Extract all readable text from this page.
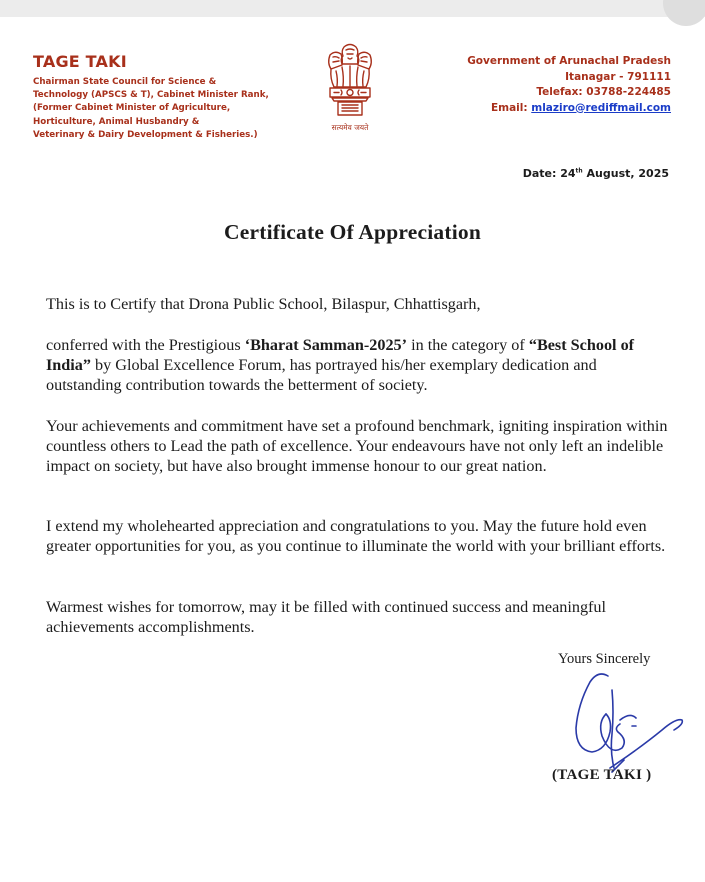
TAGE TAKI
Chairman State Council for Science &
Technology (APSCS & T), Cabinet Minister Rank,
(Former Cabinet Minister of Agriculture,
Horticulture, Animal Husbandry &
Veterinary & Dairy Development & Fisheries.)
सत्यमेव जयते
Government of Arunachal Pradesh
Itanagar - 791111
Telefax: 03788-224485
Email: mlaziro@rediffmail.com
Date: 24th August, 2025
Certificate Of Appreciation

This is to Certify that Drona Public School, Bilaspur, Chhattisgarh,

conferred with the Prestigious ‘Bharat Samman-2025’ in the category of “Best School of India” by Global Excellence Forum, has portrayed his/her exemplary dedication and outstanding contribution towards the betterment of society.

Your achievements and commitment have set a profound benchmark, igniting inspiration within countless others to Lead the path of excellence. Your endeavours have not only left an indelible impact on society, but have also brought immense honour to our great nation.

I extend my wholehearted appreciation and congratulations to you. May the future hold even greater opportunities for you, as you continue to illuminate the world with your brilliant efforts.

Warmest wishes for tomorrow, may it be filled with continued success and meaningful achievements accomplishments.

Yours Sincerely
(TAGE TAKI )
